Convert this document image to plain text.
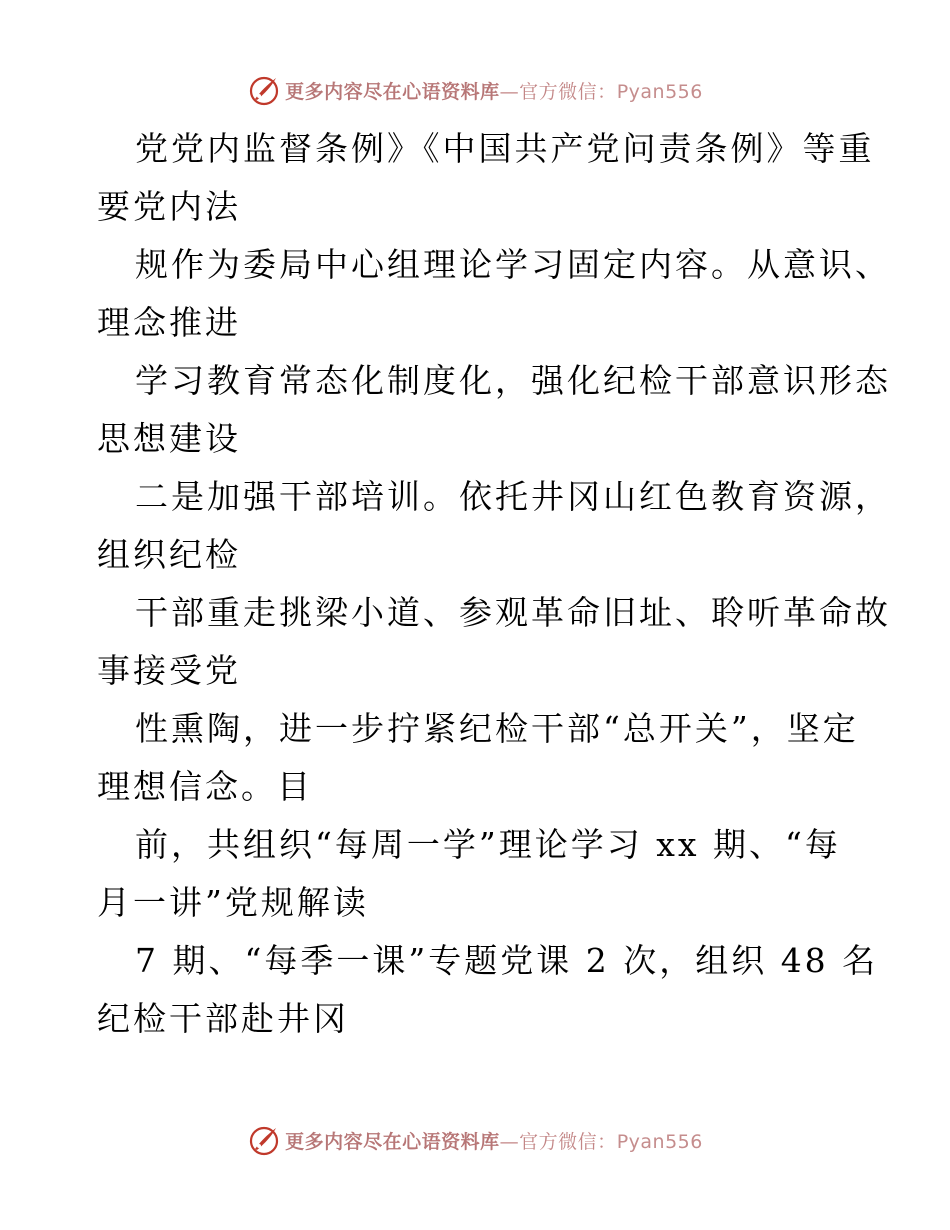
更多内容尽在心语资料库—官方微信：Pyan556
党党内监督条例》《中国共产党问责条例》等重
要党内法
规作为委局中心组理论学习固定内容。从意识、
理念推进
学习教育常态化制度化，强化纪检干部意识形态
思想建设
二是加强干部培训。依托井冈山红色教育资源，
组织纪检
干部重走挑梁小道、参观革命旧址、聆听革命故
事接受党
性熏陶，进一步拧紧纪检干部“总开关”，坚定
理想信念。目
前，共组织“每周一学”理论学习 xx 期、“每
月一讲”党规解读
7 期、“每季一课”专题党课 2 次，组织 48 名
纪检干部赴井冈
更多内容尽在心语资料库—官方微信：Pyan556
